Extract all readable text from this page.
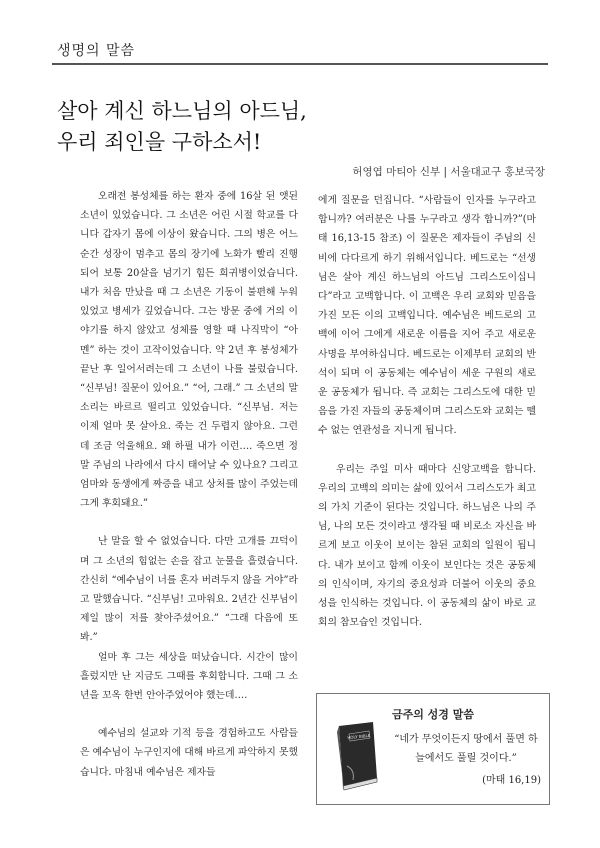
생명의 말씀
살아 계신 하느님의 아드님,
우리 죄인을 구하소서!
허영엽 마티아 신부 | 서울대교구 홍보국장

오래전 봉성체를 하는 환자 중에 16살 된 앳된 소년이 있었습니다. 그 소년은 어린 시절 학교를 다니다 갑자기 몸에 이상이 왔습니다. 그의 병은 어느 순간 성장이 멈추고 몸의 장기에 노화가 빨리 진행되어 보통 20살을 넘기기 힘든 희귀병이었습니다. 내가 처음 만났을 때 그 소년은 기동이 불편해 누워있었고 병세가 깊었습니다. 그는 방문 중에 거의 이야기를 하지 않았고 성체를 영할 때 나직막이 “아멘” 하는 것이 고작이었습니다. 약 2년 후 봉성체가 끝난 후 일어서려는데 그 소년이 나를 불렀습니다. “신부님! 질문이 있어요.” “어, 그래.” 그 소년의 말소리는 바르르 떨리고 있었습니다. “신부님. 저는 이제 얼마 못 살아요. 죽는 건 두렵지 않아요. 그런데 조금 억울해요. 왜 하필 내가 이런…. 죽으면 정말 주님의 나라에서 다시 태어날 수 있나요? 그리고 엄마와 동생에게 짜증을 내고 상처를 많이 주었는데 그게 후회돼요.”

난 말을 할 수 없었습니다. 다만 고개를 끄덕이며 그 소년의 힘없는 손을 잡고 눈물을 흘렸습니다. 간신히 “예수님이 너를 혼자 버려두지 않을 거야”라고 말했습니다. “신부님! 고마워요. 2년간 신부님이 제일 많이 저를 찾아주셨어요.” “그래 다음에 또 봐.”

얼마 후 그는 세상을 떠났습니다. 시간이 많이 흘렀지만 난 지금도 그때를 후회합니다. 그때 그 소년을 꼬옥 한번 안아주었어야 했는데….

예수님의 설교와 기적 등을 경험하고도 사람들은 예수님이 누구인지에 대해 바르게 파악하지 못했습니다. 마침내 예수님은 제자들

에게 질문을 던집니다. “사람들이 인자를 누구라고 합니까? 여러분은 나를 누구라고 생각 합니까?”(마태 16,13-15 참조) 이 질문은 제자들이 주님의 신비에 다다르게 하기 위해서입니다. 베드로는 “선생님은 살아 계신 하느님의 아드님 그리스도이십니다”라고 고백합니다. 이 고백은 우리 교회와 믿음을 가진 모든 이의 고백입니다. 예수님은 베드로의 고백에 이어 그에게 새로운 이름을 지어 주고 새로운 사명을 부여하십니다. 베드로는 이제부터 교회의 반석이 되며 이 공동체는 예수님이 세운 구원의 새로운 공동체가 됩니다. 즉 교회는 그리스도에 대한 믿음을 가진 자들의 공동체이며 그리스도와 교회는 뗄 수 없는 연관성을 지니게 됩니다.

우리는 주일 미사 때마다 신앙고백을 합니다. 우리의 고백의 의미는 삶에 있어서 그리스도가 최고의 가치 기준이 된다는 것입니다. 하느님은 나의 주님, 나의 모든 것이라고 생각될 때 비로소 자신을 바르게 보고 이웃이 보이는 참된 교회의 일원이 됩니다. 내가 보이고 함께 이웃이 보인다는 것은 공동체의 인식이며, 자기의 중요성과 더불어 이웃의 중요성을 인식하는 것입니다. 이 공동체의 삶이 바로 교회의 참모습인 것입니다.

금주의 성경 말씀
HOLY BIBLE	“네가 무엇이든지 땅에서 풀면 하늘에서도 풀릴 것이다.”
(마태 16,19)
